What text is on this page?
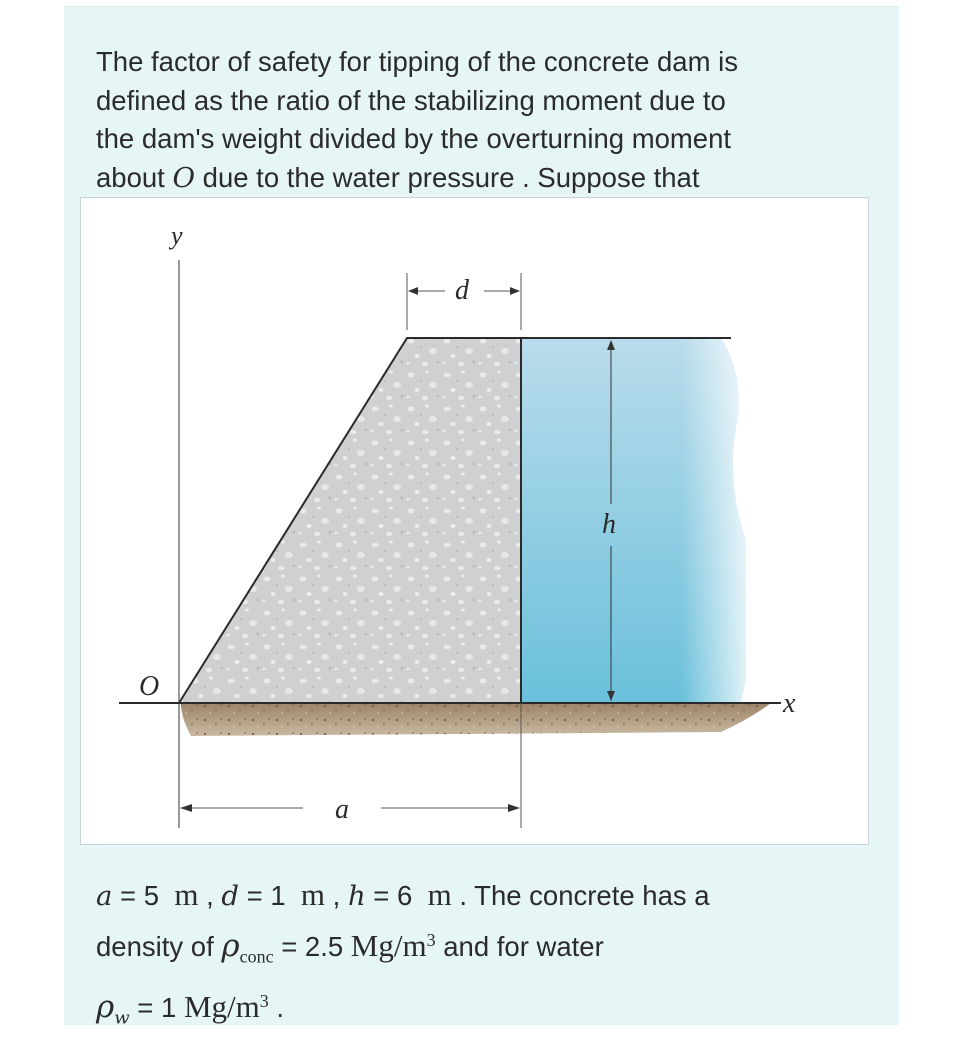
The factor of safety for tipping of the concrete dam is
defined as the ratio of the stabilizing moment due to
the dam's weight divided by the overturning moment
about O due to the water pressure . Suppose that

y
O
x
d
h
a

a = 5 m , d = 1 m , h = 6 m . The concrete has a
density of $\rho_{conc} = 2.5$ $Mg/m^3$ and for water
$\rho_w = 1$ $Mg/m^3$ .
